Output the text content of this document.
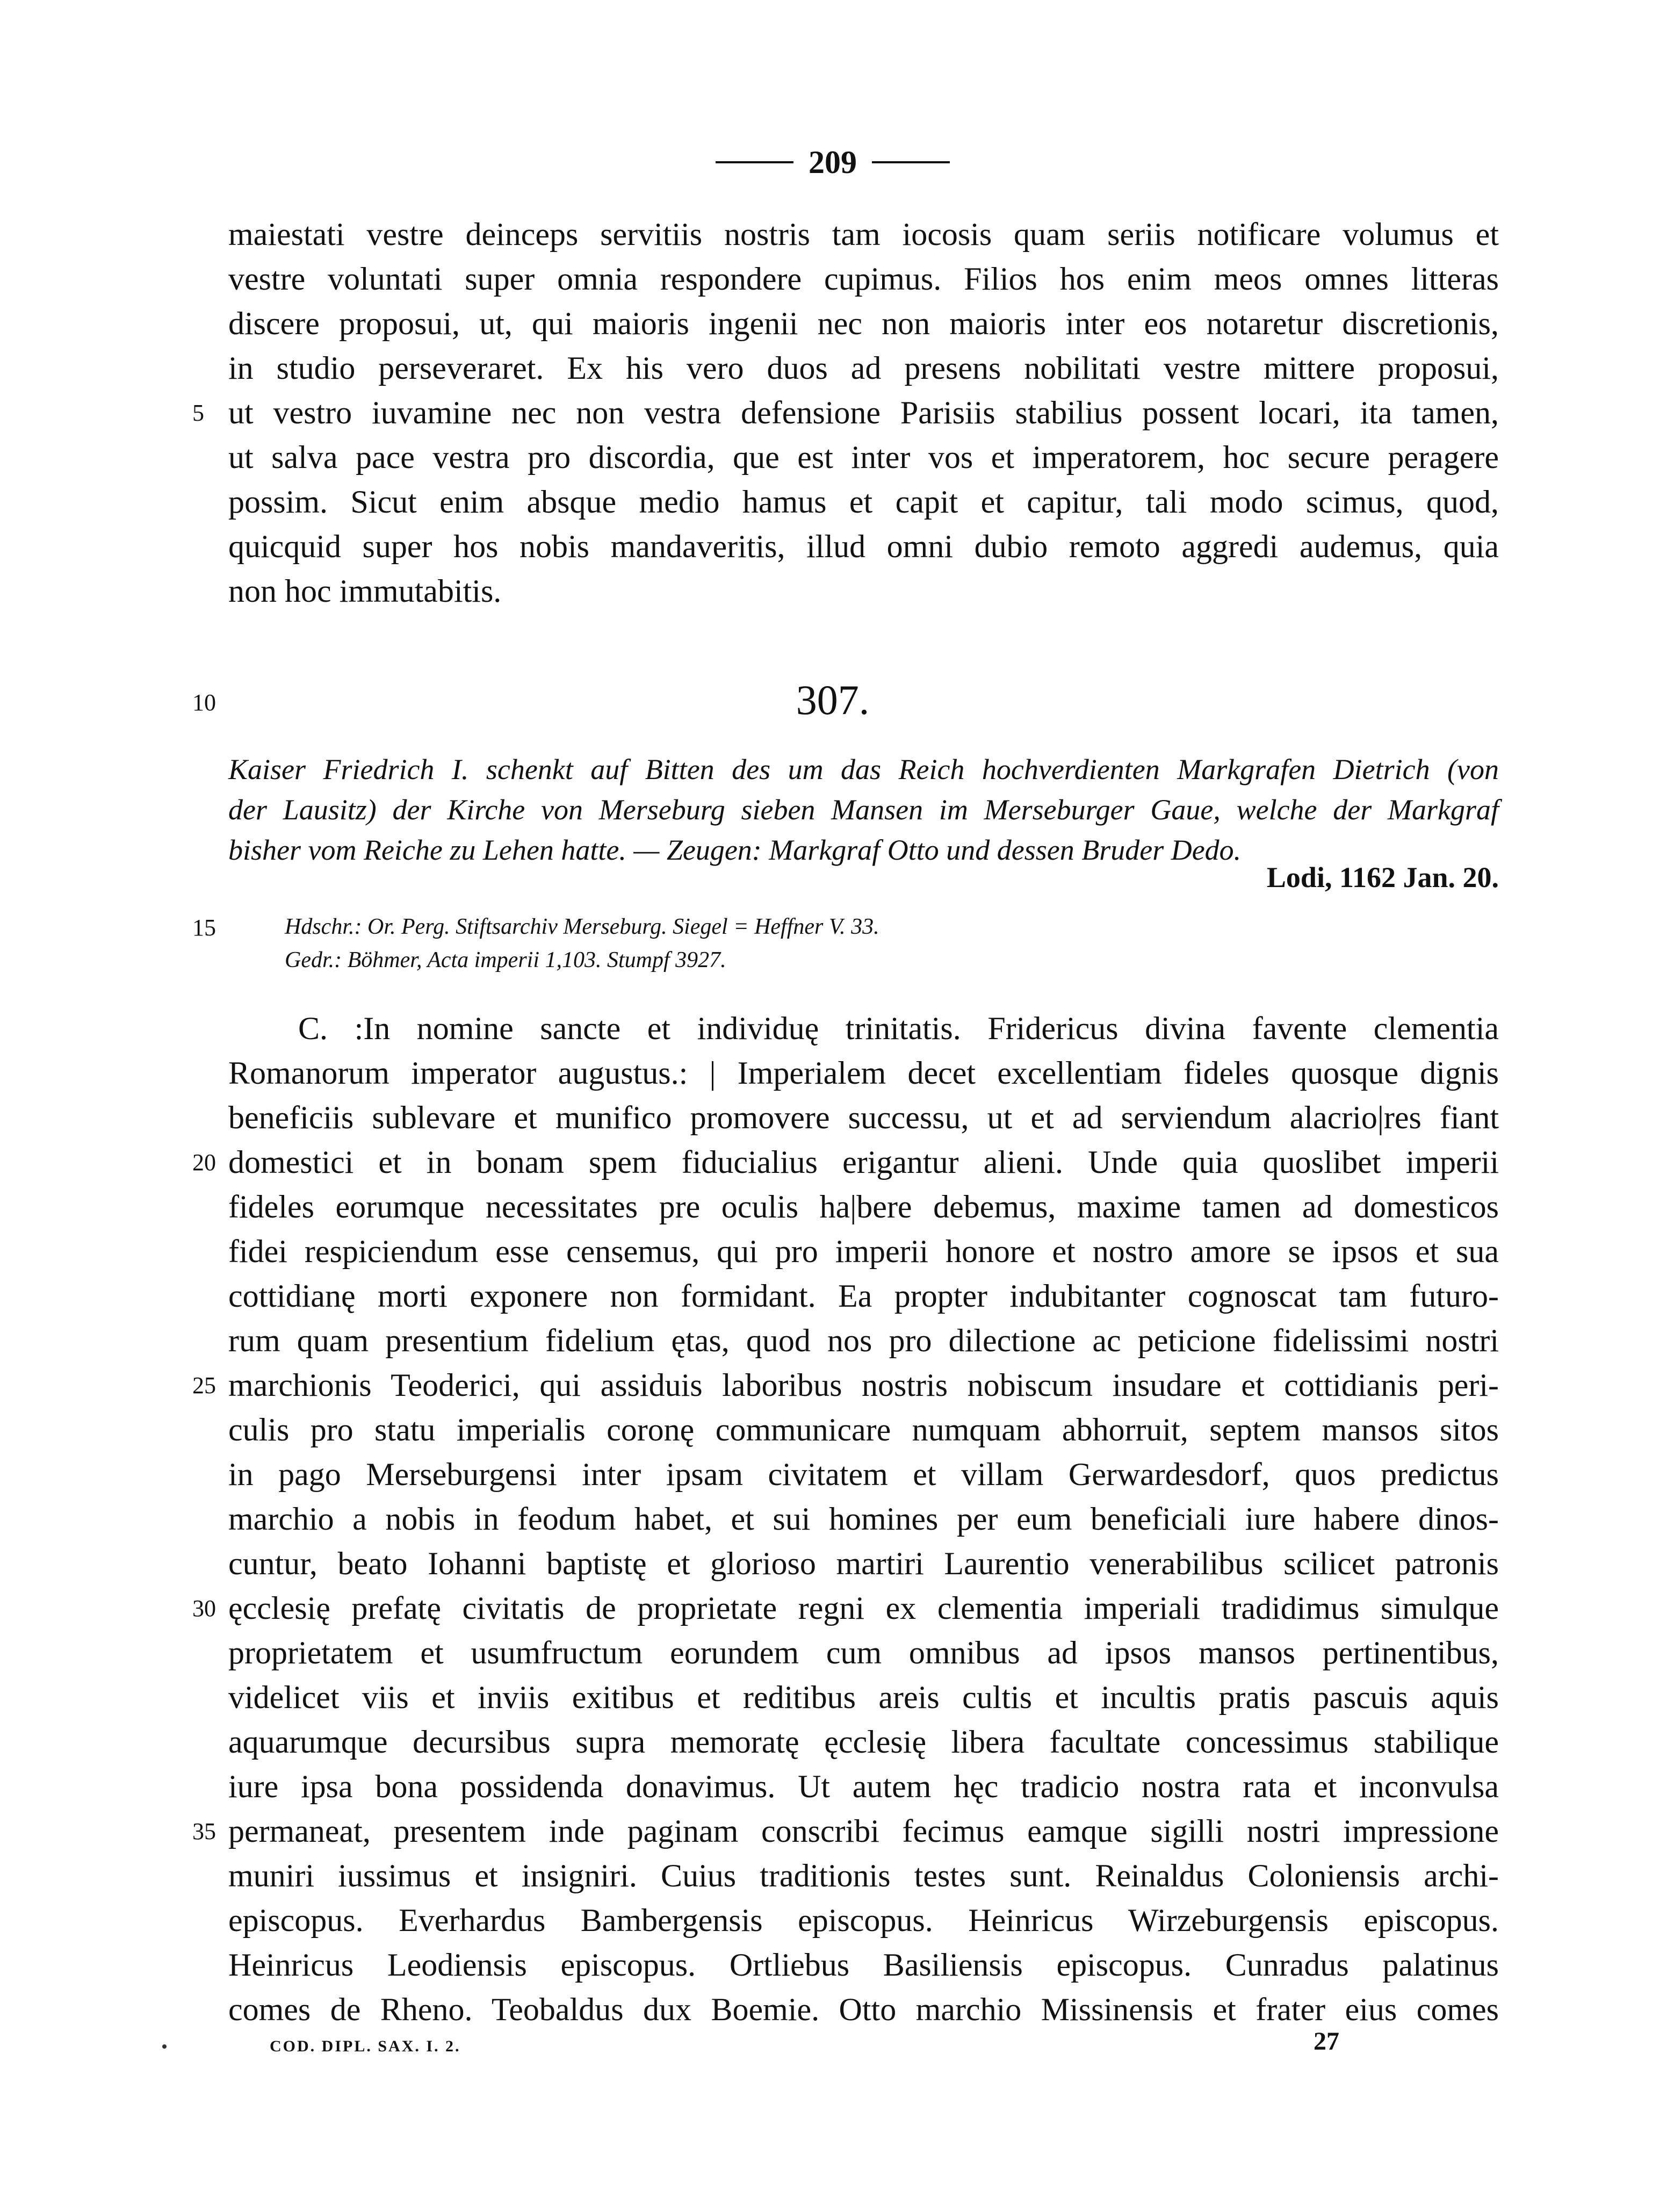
209
maiestati vestre deinceps servitiis nostris tam iocosis quam seriis notificare volumus et
vestre voluntati super omnia respondere cupimus. Filios hos enim meos omnes litteras
discere proposui, ut, qui maioris ingenii nec non maioris inter eos notaretur discretionis,
in studio perseveraret. Ex his vero duos ad presens nobilitati vestre mittere proposui,
ut vestro iuvamine nec non vestra defensione Parisiis stabilius possent locari, ita tamen,
ut salva pace vestra pro discordia, que est inter vos et imperatorem, hoc secure peragere
possim. Sicut enim absque medio hamus et capit et capitur, tali modo scimus, quod,
quicquid super hos nobis mandaveritis, illud omni dubio remoto aggredi audemus, quia
non hoc immutabitis.
5
10	307.
Kaiser Friedrich I. schenkt auf Bitten des um das Reich hochverdienten Markgrafen Dietrich (von
der Lausitz) der Kirche von Merseburg sieben Mansen im Merseburger Gaue, welche der Markgraf
bisher vom Reiche zu Lehen hatte. — Zeugen: Markgraf Otto und dessen Bruder Dedo.
Lodi, 1162 Jan. 20.
15	Hdschr.: Or. Perg. Stiftsarchiv Merseburg. Siegel = Heffner V. 33.
Gedr.: Böhmer, Acta imperii 1,103. Stumpf 3927.
C. :In nomine sancte et individuę trinitatis. Fridericus divina favente clementia
Romanorum imperator augustus.: | Imperialem decet excellentiam fideles quosque dignis
beneficiis sublevare et munifico promovere successu, ut et ad serviendum alacrio|res fiant
domestici et in bonam spem fiducialius erigantur alieni. Unde quia quoslibet imperii
fideles eorumque necessitates pre oculis ha|bere debemus, maxime tamen ad domesticos
fidei respiciendum esse censemus, qui pro imperii honore et nostro amore se ipsos et sua
cottidianę morti exponere non formidant. Ea propter indubitanter cognoscat tam futuro-
rum quam presentium fidelium ętas, quod nos pro dilectione ac peticione fidelissimi nostri
marchionis Teoderici, qui assiduis laboribus nostris nobiscum insudare et cottidianis peri-
culis pro statu imperialis coronę communicare numquam abhorruit, septem mansos sitos
in pago Merseburgensi inter ipsam civitatem et villam Gerwardesdorf, quos predictus
marchio a nobis in feodum habet, et sui homines per eum beneficiali iure habere dinos-
cuntur, beato Iohanni baptistę et glorioso martiri Laurentio venerabilibus scilicet patronis
ęcclesię prefatę civitatis de proprietate regni ex clementia imperiali tradidimus simulque
proprietatem et usumfructum eorundem cum omnibus ad ipsos mansos pertinentibus,
videlicet viis et inviis exitibus et reditibus areis cultis et incultis pratis pascuis aquis
aquarumque decursibus supra memoratę ęcclesię libera facultate concessimus stabilique
iure ipsa bona possidenda donavimus. Ut autem hęc tradicio nostra rata et inconvulsa
permaneat, presentem inde paginam conscribi fecimus eamque sigilli nostri impressione
muniri iussimus et insigniri. Cuius traditionis testes sunt. Reinaldus Coloniensis archi-
episcopus. Everhardus Bambergensis episcopus. Heinricus Wirzeburgensis episcopus.
Heinricus Leodiensis episcopus. Ortliebus Basiliensis episcopus. Cunradus palatinus
comes de Rheno. Teobaldus dux Boemie. Otto marchio Missinensis et frater eius comes
20
25
30
35
COD. DIPL. SAX. I. 2.	27
